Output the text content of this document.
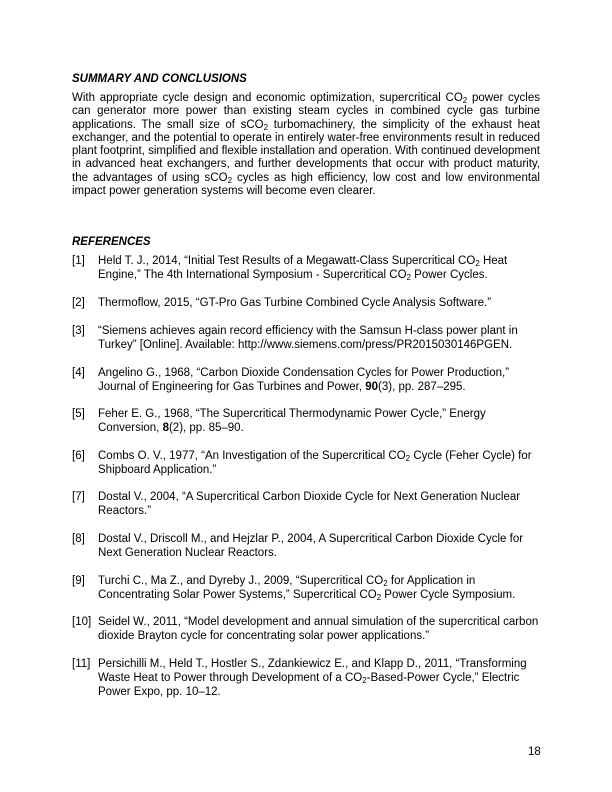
SUMMARY AND CONCLUSIONS
With appropriate cycle design and economic optimization, supercritical $CO_2$ power cycles can generator more power than existing steam cycles in combined cycle gas turbine applications. The small size of sCO$_2$ turbomachinery, the simplicity of the exhaust heat exchanger, and the potential to operate in entirely water-free environments result in reduced plant footprint, simplified and flexible installation and operation. With continued development in advanced heat exchangers, and further developments that occur with product maturity, the advantages of using sCO$_2$ cycles as high efficiency, low cost and low environmental impact power generation systems will become even clearer.
REFERENCES
[1] Held T. J., 2014, “Initial Test Results of a Megawatt-Class Supercritical $CO_2$ Heat Engine,” The 4th International Symposium - Supercritical $CO_2$ Power Cycles.
[2] Thermoflow, 2015, “GT-Pro Gas Turbine Combined Cycle Analysis Software.”
[3] “Siemens achieves again record efficiency with the Samsun H-class power plant in Turkey” [Online]. Available: http://www.siemens.com/press/PR2015030146PGEN.
[4] Angelino G., 1968, “Carbon Dioxide Condensation Cycles for Power Production,” Journal of Engineering for Gas Turbines and Power, 90(3), pp. 287–295.
[5] Feher E. G., 1968, “The Supercritical Thermodynamic Power Cycle,” Energy Conversion, 8(2), pp. 85–90.
[6] Combs O. V., 1977, “An Investigation of the Supercritical $CO_2$ Cycle (Feher Cycle) for Shipboard Application.”
[7] Dostal V., 2004, “A Supercritical Carbon Dioxide Cycle for Next Generation Nuclear Reactors.”
[8] Dostal V., Driscoll M., and Hejzlar P., 2004, A Supercritical Carbon Dioxide Cycle for Next Generation Nuclear Reactors.
[9] Turchi C., Ma Z., and Dyreby J., 2009, “Supercritical $CO_2$ for Application in Concentrating Solar Power Systems,” Supercritical $CO_2$ Power Cycle Symposium.
[10] Seidel W., 2011, “Model development and annual simulation of the supercritical carbon dioxide Brayton cycle for concentrating solar power applications.”
[11] Persichilli M., Held T., Hostler S., Zdankiewicz E., and Klapp D., 2011, “Transforming Waste Heat to Power through Development of a $CO_2-Based$-Power Cycle,” Electric Power Expo, pp. 10–12.
18
